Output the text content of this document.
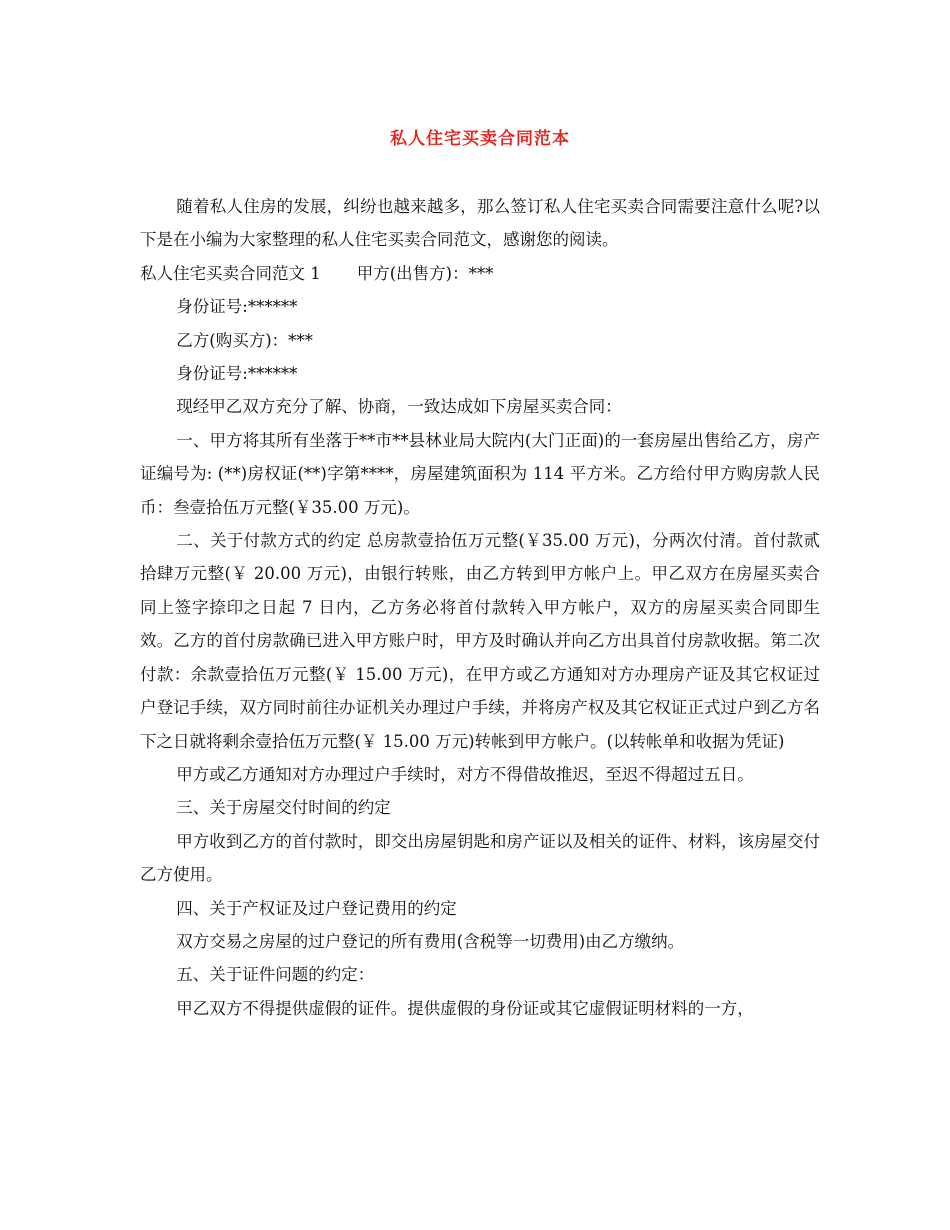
私人住宅买卖合同范本

随着私人住房的发展，纠纷也越来越多，那么签订私人住宅买卖合同需要注意什么呢?以下是在小编为大家整理的私人住宅买卖合同范文，感谢您的阅读。

私人住宅买卖合同范文 1 甲方(出售方)：***

身份证号:******

乙方(购买方)：***

身份证号:******

现经甲乙双方充分了解、协商，一致达成如下房屋买卖合同：

一、甲方将其所有坐落于**市**县林业局大院内(大门正面)的一套房屋出售给乙方，房产证编号为: (**)房权证(**)字第****，房屋建筑面积为 114 平方米。乙方给付甲方购房款人民币：叁壹拾伍万元整(￥35.00 万元)。

二、关于付款方式的约定 总房款壹拾伍万元整(￥35.00 万元)，分两次付清。首付款贰拾肆万元整(￥ 20.00 万元)，由银行转账，由乙方转到甲方帐户上。甲乙双方在房屋买卖合同上签字捺印之日起 7 日内，乙方务必将首付款转入甲方帐户，双方的房屋买卖合同即生效。乙方的首付房款确已进入甲方账户时，甲方及时确认并向乙方出具首付房款收据。第二次付款：余款壹拾伍万元整(￥ 15.00 万元)，在甲方或乙方通知对方办理房产证及其它权证过户登记手续，双方同时前往办证机关办理过户手续，并将房产权及其它权证正式过户到乙方名下之日就将剩余壹拾伍万元整(￥ 15.00 万元)转帐到甲方帐户。(以转帐单和收据为凭证)

甲方或乙方通知对方办理过户手续时，对方不得借故推迟，至迟不得超过五日。

三、关于房屋交付时间的约定

甲方收到乙方的首付款时，即交出房屋钥匙和房产证以及相关的证件、材料，该房屋交付乙方使用。

四、关于产权证及过户登记费用的约定

双方交易之房屋的过户登记的所有费用(含税等一切费用)由乙方缴纳。

五、关于证件问题的约定：

甲乙双方不得提供虚假的证件。提供虚假的身份证或其它虚假证明材料的一方，
